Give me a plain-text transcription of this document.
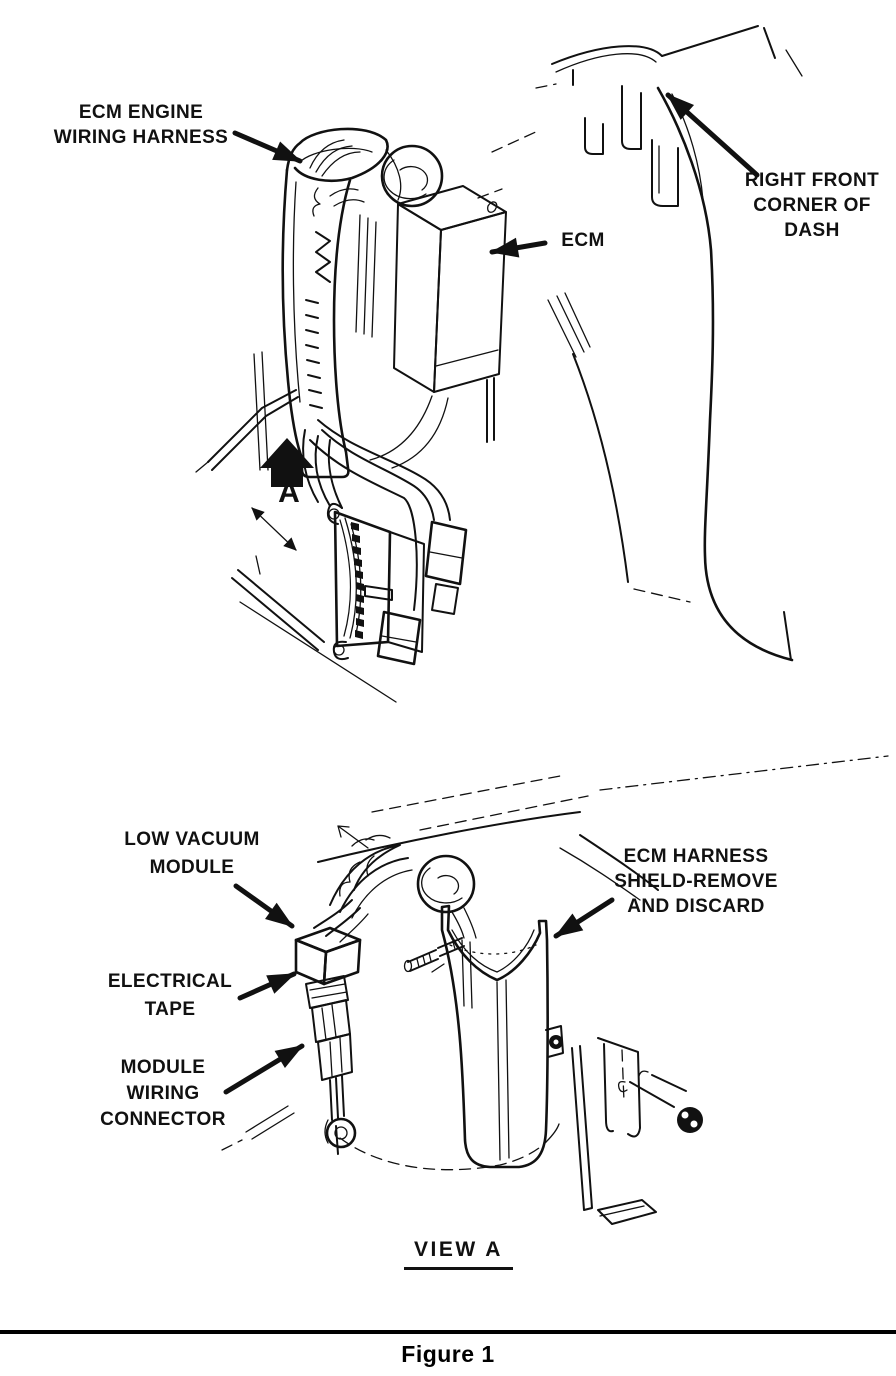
ECM ENGINE
WIRING HARNESS
ECM
RIGHT FRONT
CORNER OF
DASH
A
LOW VACUUM
MODULE
ELECTRICAL
TAPE
MODULE
WIRING
CONNECTOR
ECM HARNESS
SHIELD-REMOVE
AND DISCARD
VIEW A
Figure 1
